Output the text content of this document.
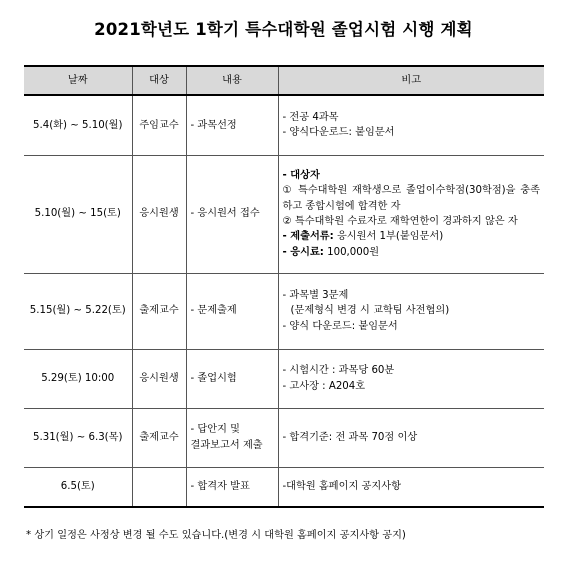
2021학년도 1학기 특수대학원 졸업시험 시행 계획
날짜	대상	내용	비고
5.4(화) ~ 5.10(월)	주임교수	- 과목선정	- 전공 4과목
- 양식다운로드: 붙임문서

5.10(월) ~ 15(토)	응시원생	- 응시원서 접수	- 대상자
① 특수대학원 재학생으로 졸업이수학점(30학점)을 충족하고 종합시험에 합격한 자
② 특수대학원 수료자로 재학연한이 경과하지 않은 자
- 제출서류: 응시원서 1부(붙임문서)
- 응시료: 100,000원

5.15(월) ~ 5.22(토)	출제교수	- 문제출제	- 과목별 3문제
(문제형식 변경 시 교학팀 사전협의)
- 양식 다운로드: 붙임문서

5.29(토) 10:00	응시원생	- 졸업시험	- 시험시간 : 과목당 60분
- 고사장 : A204호

5.31(월) ~ 6.3(목)	출제교수	- 답안지 및
결과보고서 제출	- 합격기준: 전 과목 70점 이상

6.5(토)		- 합격자 발표	-대학원 홈페이지 공지사항
* 상기 일정은 사정상 변경 될 수도 있습니다.(변경 시 대학원 홈페이지 공지사항 공지)
